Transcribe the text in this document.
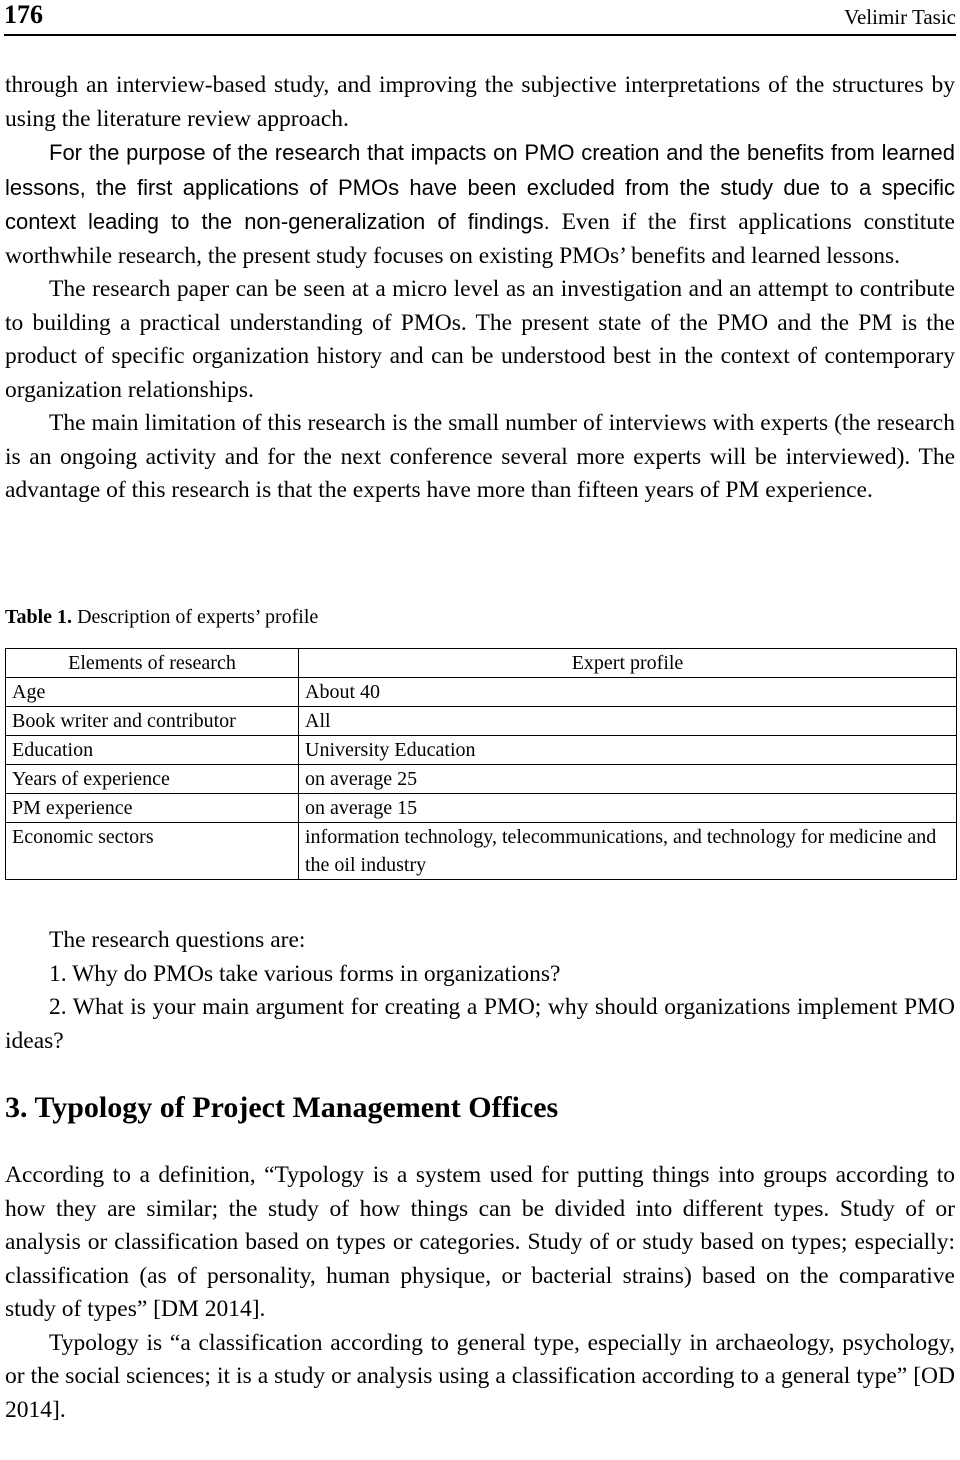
176	Velimir Tasic

through an interview-based study, and improving the subjective interpretations of the structures by using the literature review approach.

For the purpose of the research that impacts on PMO creation and the benefits from learned lessons, the first applications of PMOs have been excluded from the study due to a specific context leading to the non-generalization of findings. Even if the first applications constitute worthwhile research, the present study focuses on existing PMOs’ benefits and learned lessons.

The research paper can be seen at a micro level as an investigation and an attempt to contribute to building a practical understanding of PMOs. The present state of the PMO and the PM is the product of specific organization history and can be understood best in the context of contemporary organization relationships.

The main limitation of this research is the small number of interviews with experts (the research is an ongoing activity and for the next conference several more experts will be interviewed). The advantage of this research is that the experts have more than fifteen years of PM experience.

Table 1. Description of experts’ profile
Elements of research	Expert profile
Age	About 40
Book writer and contributor	All
Education	University Education
Years of experience	on average 25
PM experience	on average 15
Economic sectors	information technology, telecommunications, and technology for medicine and the oil industry

The research questions are:

1. Why do PMOs take various forms in organizations?

2. What is your main argument for creating a PMO; why should organizations implement PMO ideas?

3. Typology of Project Management Offices

According to a definition, “Typology is a system used for putting things into groups according to how they are similar; the study of how things can be divided into different types. Study of or analysis or classification based on types or categories. Study of or study based on types; especially: classification (as of personality, human physique, or bacterial strains) based on the comparative study of types” [DM 2014].

Typology is “a classification according to general type, especially in archaeology, psychology, or the social sciences; it is a study or analysis using a classification according to a general type” [OD 2014].
